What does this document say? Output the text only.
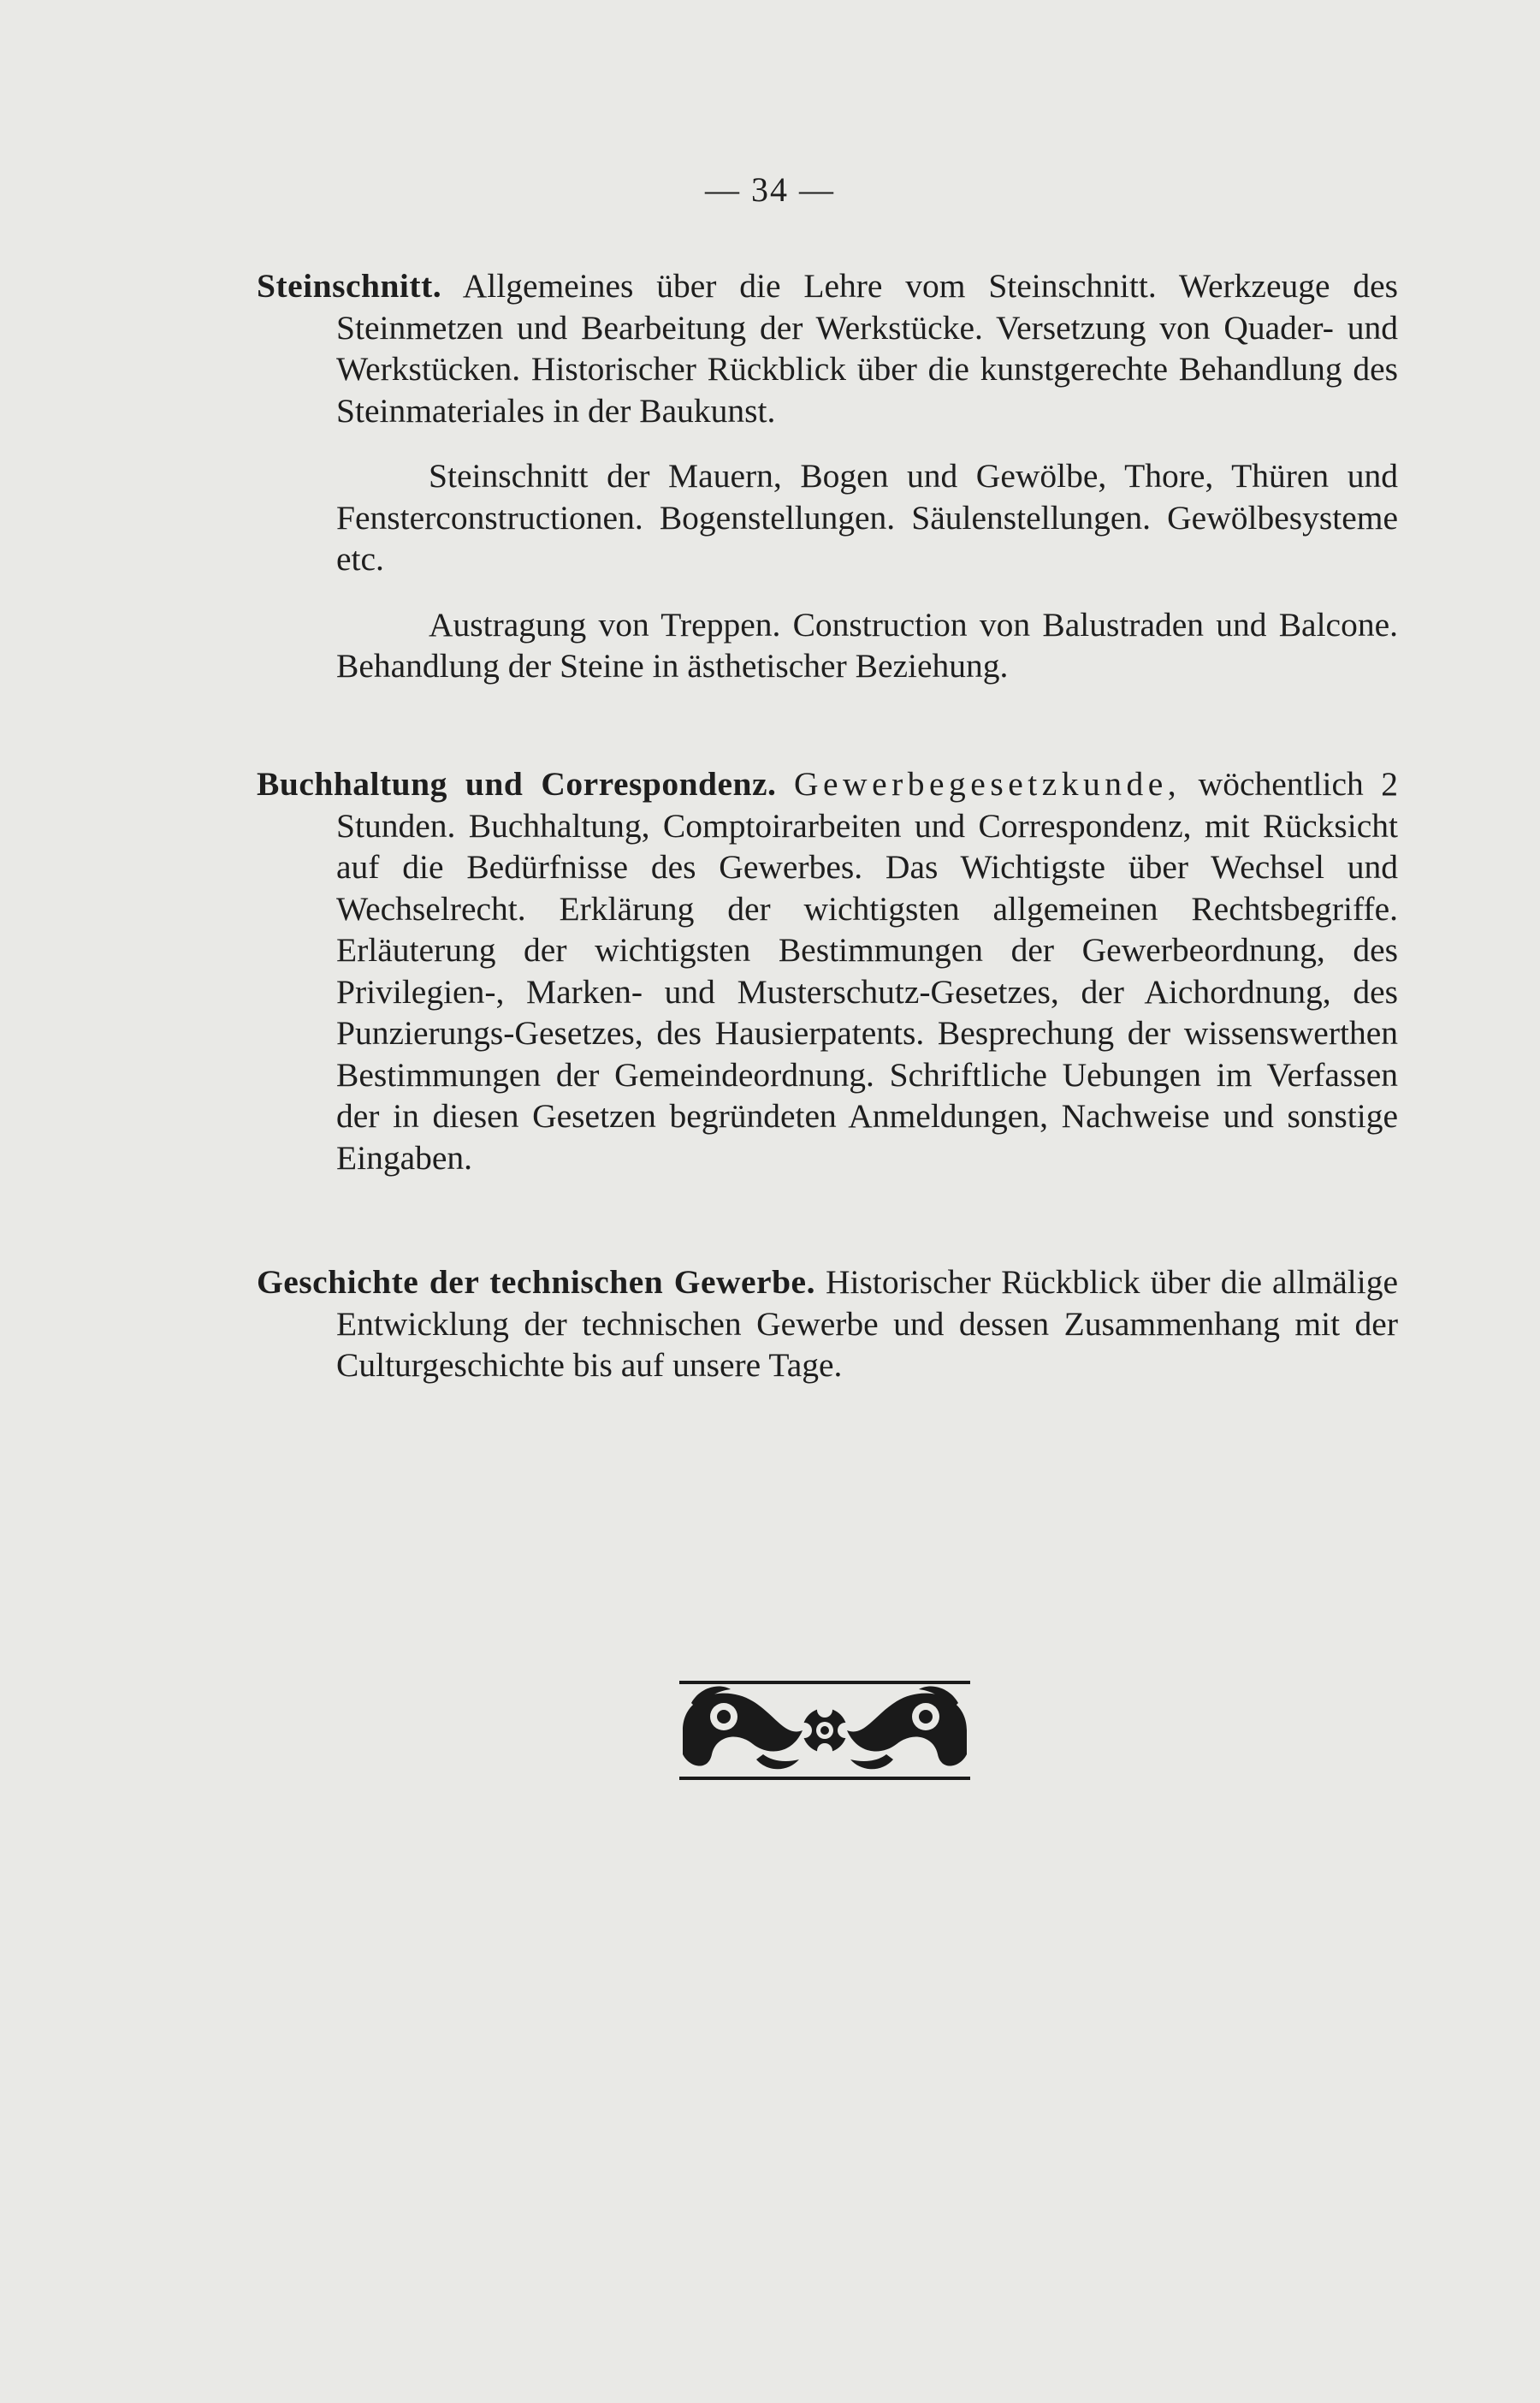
— 34 —

Steinschnitt. Allgemeines über die Lehre vom Steinschnitt. Werkzeuge des Steinmetzen und Bearbeitung der Werkstücke. Versetzung von Quader- und Werkstücken. Historischer Rückblick über die kunstgerechte Behandlung des Steinmateriales in der Baukunst.

Steinschnitt der Mauern, Bogen und Gewölbe, Thore, Thüren und Fensterconstructionen. Bogenstellungen. Säulenstellungen. Gewölbesysteme etc.

Austragung von Treppen. Construction von Balustraden und Balcone. Behandlung der Steine in ästhetischer Beziehung.

Buchhaltung und Correspondenz. Gewerbegesetzkunde, wöchentlich 2 Stunden. Buchhaltung, Comptoirarbeiten und Correspondenz, mit Rücksicht auf die Bedürfnisse des Gewerbes. Das Wichtigste über Wechsel und Wechselrecht. Erklärung der wichtigsten allgemeinen Rechtsbegriffe. Erläuterung der wichtigsten Bestimmungen der Gewerbeordnung, des Privilegien-, Marken- und Musterschutz-Gesetzes, der Aichordnung, des Punzierungs-Gesetzes, des Hausierpatents. Besprechung der wissenswerthen Bestimmungen der Gemeindeordnung. Schriftliche Uebungen im Verfassen der in diesen Gesetzen begründeten Anmeldungen, Nachweise und sonstige Eingaben.

Geschichte der technischen Gewerbe. Historischer Rückblick über die allmälige Entwicklung der technischen Gewerbe und dessen Zusammenhang mit der Culturgeschichte bis auf unsere Tage.
